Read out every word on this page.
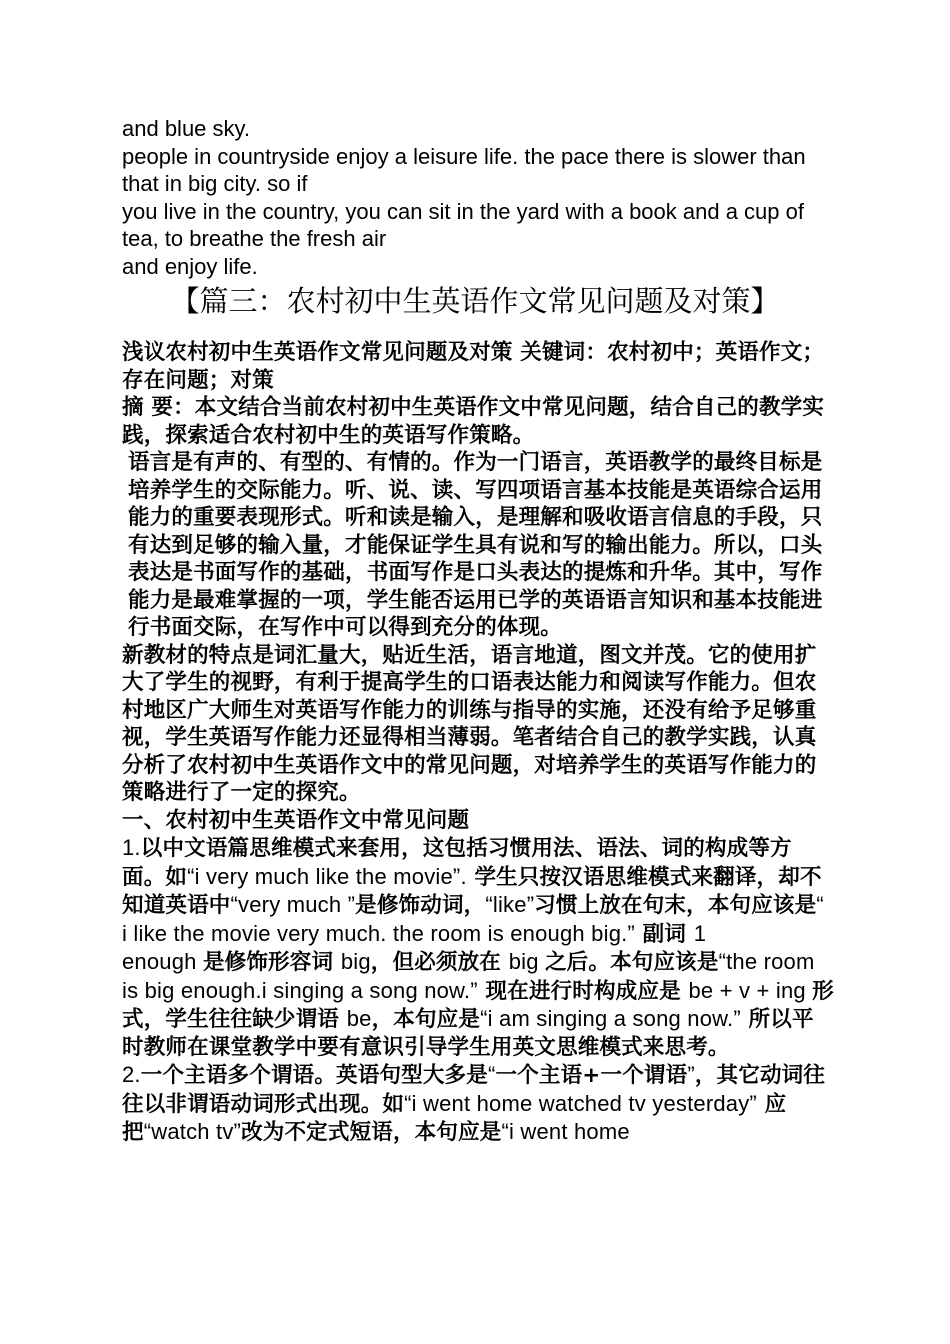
and blue sky.

people in countryside enjoy a leisure life. the pace there is slower than that in big city. so if

you live in the country, you can sit in the yard with a book and a cup of tea, to breathe the fresh air

and enjoy life.

【篇三：农村初中生英语作文常见问题及对策】

浅议农村初中生英语作文常见问题及对策 关键词：农村初中；英语作文；存在问题；对策

摘 要：本文结合当前农村初中生英语作文中常见问题，结合自己的教学实践，探索适合农村初中生的英语写作策略。

语言是有声的、有型的、有情的。作为一门语言，英语教学的最终目标是培养学生的交际能力。听、说、读、写四项语言基本技能是英语综合运用能力的重要表现形式。听和读是输入，是理解和吸收语言信息的手段，只有达到足够的输入量，才能保证学生具有说和写的输出能力。所以，口头表达是书面写作的基础，书面写作是口头表达的提炼和升华。其中，写作能力是最难掌握的一项，学生能否运用已学的英语语言知识和基本技能进行书面交际，在写作中可以得到充分的体现。

新教材的特点是词汇量大，贴近生活，语言地道，图文并茂。它的使用扩大了学生的视野，有利于提高学生的口语表达能力和阅读写作能力。但农村地区广大师生对英语写作能力的训练与指导的实施，还没有给予足够重视，学生英语写作能力还显得相当薄弱。笔者结合自己的教学实践，认真分析了农村初中生英语作文中的常见问题，对培养学生的英语写作能力的策略进行了一定的探究。

一、农村初中生英语作文中常见问题

1.以中文语篇思维模式来套用，这包括习惯用法、语法、词的构成等方面。如“i very much like the movie”. 学生只按汉语思维模式来翻译，却不知道英语中“very much ”是修饰动词，“like”习惯上放在句末，本句应该是“ i like the movie very much. the room is enough big.” 副词 1
enough 是修饰形容词 big，但必须放在 big 之后。本句应该是“the room is big enough.i singing a song now.” 现在进行时构成应是 be + v + ing 形式，学生往往缺少谓语 be，本句应是“i am singing a song now.” 所以平时教师在课堂教学中要有意识引导学生用英文思维模式来思考。

2.一个主语多个谓语。英语句型大多是“一个主语+一个谓语”，其它动词往往以非谓语动词形式出现。如“i went home watched tv yesterday” 应把“watch tv”改为不定式短语，本句应是“i went home
